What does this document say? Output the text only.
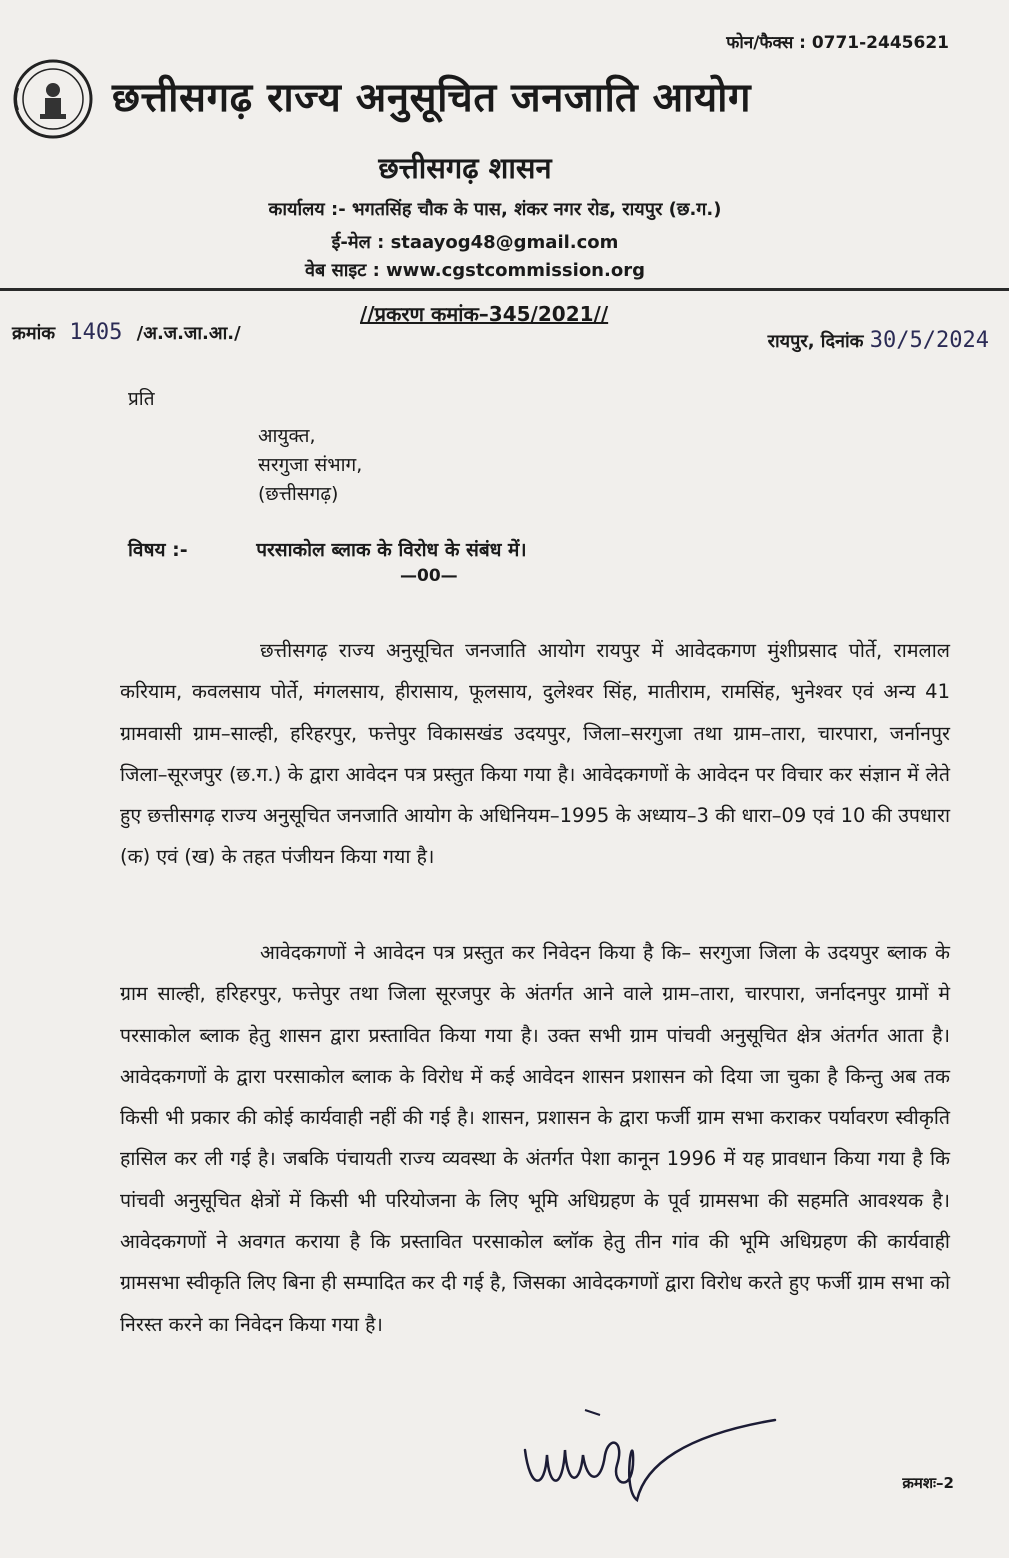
फोन/फैक्स : 0771-2445621
छत्तीसगढ़ राज्य अनुसूचित जनजाति आयोग
छत्तीसगढ़ शासन
कार्यालय :- भगतसिंह चौक के पास, शंकर नगर रोड, रायपुर (छ.ग.)
ई-मेल : staayog48@gmail.com
वेब साइट : www.cgstcommission.org
//प्रकरण कमांक–345/2021//
क्रमांक 1405 /अ.ज.जा.आ./	रायपुर, दिनांक 30/5/2024
प्रति
आयुक्त,
सरगुजा संभाग,
(छत्तीसगढ़)
विषय :-	परसाकोल ब्लाक के विरोध के संबंध में।
—00—
छत्तीसगढ़ राज्य अनुसूचित जनजाति आयोग रायपुर में आवेदकगण मुंशीप्रसाद पोर्ते, रामलाल करियाम, कवलसाय पोर्ते, मंगलसाय, हीरासाय, फूलसाय, दुलेश्वर सिंह, मातीराम, रामसिंह, भुनेश्वर एवं अन्य 41 ग्रामवासी ग्राम–साल्ही, हरिहरपुर, फत्तेपुर विकासखंड उदयपुर, जिला–सरगुजा तथा ग्राम–तारा, चारपारा, जर्नानपुर जिला–सूरजपुर (छ.ग.) के द्वारा आवेदन पत्र प्रस्तुत किया गया है। आवेदकगणों के आवेदन पर विचार कर संज्ञान में लेते हुए छत्तीसगढ़ राज्य अनुसूचित जनजाति आयोग के अधिनियम–1995 के अध्याय–3 की धारा–09 एवं 10 की उपधारा (क) एवं (ख) के तहत पंजीयन किया गया है।
आवेदकगणों ने आवेदन पत्र प्रस्तुत कर निवेदन किया है कि– सरगुजा जिला के उदयपुर ब्लाक के ग्राम साल्ही, हरिहरपुर, फत्तेपुर तथा जिला सूरजपुर के अंतर्गत आने वाले ग्राम–तारा, चारपारा, जर्नादनपुर ग्रामों मे परसाकोल ब्लाक हेतु शासन द्वारा प्रस्तावित किया गया है। उक्त सभी ग्राम पांचवी अनुसूचित क्षेत्र अंतर्गत आता है। आवेदकगणों के द्वारा परसाकोल ब्लाक के विरोध में कई आवेदन शासन प्रशासन को दिया जा चुका है किन्तु अब तक किसी भी प्रकार की कोई कार्यवाही नहीं की गई है। शासन, प्रशासन के द्वारा फर्जी ग्राम सभा कराकर पर्यावरण स्वीकृति हासिल कर ली गई है। जबकि पंचायती राज्य व्यवस्था के अंतर्गत पेशा कानून 1996 में यह प्रावधान किया गया है कि पांचवी अनुसूचित क्षेत्रों में किसी भी परियोजना के लिए भूमि अधिग्रहण के पूर्व ग्रामसभा की सहमति आवश्यक है। आवेदकगणों ने अवगत कराया है कि प्रस्तावित परसाकोल ब्लॉक हेतु तीन गांव की भूमि अधिग्रहण की कार्यवाही ग्रामसभा स्वीकृति लिए बिना ही सम्पादित कर दी गई है, जिसका आवेदकगणों द्वारा विरोध करते हुए फर्जी ग्राम सभा को निरस्त करने का निवेदन किया गया है।
क्रमशः–2
